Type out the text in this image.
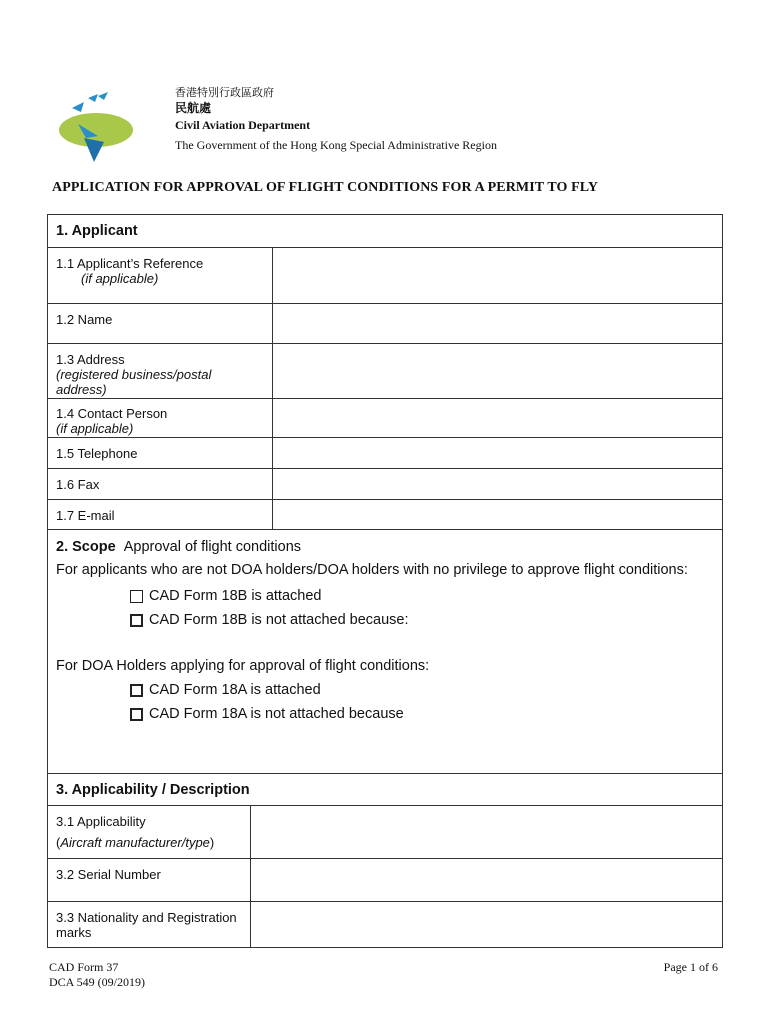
香港特別行政區政府
民航處
Civil Aviation Department
The Government of the Hong Kong Special Administrative Region
APPLICATION FOR APPROVAL OF FLIGHT CONDITIONS FOR A PERMIT TO FLY
1. Applicant
1.1 Applicant’s Reference
(if applicable)
1.2 Name
1.3 Address
(registered business/postal address)
1.4 Contact Person
(if applicable)
1.5 Telephone
1.6 Fax
1.7 E-mail
2. Scope Approval of flight conditions
For applicants who are not DOA holders/DOA holders with no privilege to approve flight conditions:
CAD Form 18B is attached
CAD Form 18B is not attached because:
For DOA Holders applying for approval of flight conditions:
CAD Form 18A is attached
CAD Form 18A is not attached because
3. Applicability / Description
3.1 Applicability
(Aircraft manufacturer/type)
3.2 Serial Number
3.3 Nationality and Registration marks
CAD Form 37
DCA 549 (09/2019)
Page 1 of 6
